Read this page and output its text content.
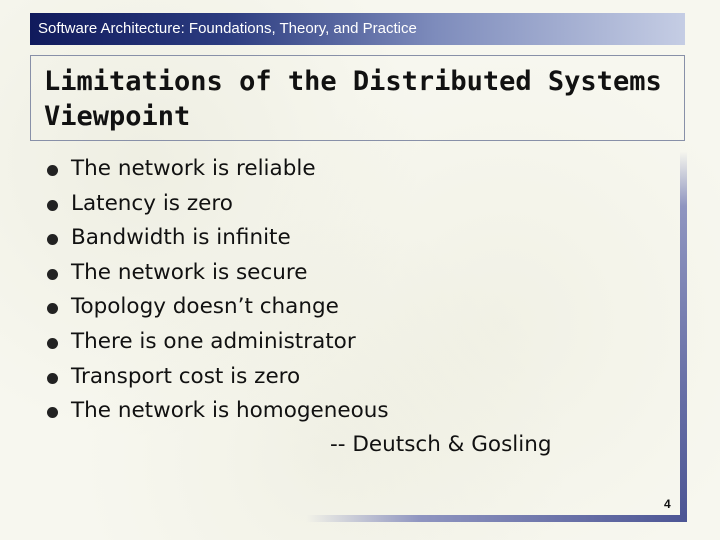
Software Architecture: Foundations, Theory, and Practice
Limitations of the Distributed Systems
Viewpoint
The network is reliable
Latency is zero
Bandwidth is infinite
The network is secure
Topology doesn’t change
There is one administrator
Transport cost is zero
The network is homogeneous
-- Deutsch & Gosling
4
